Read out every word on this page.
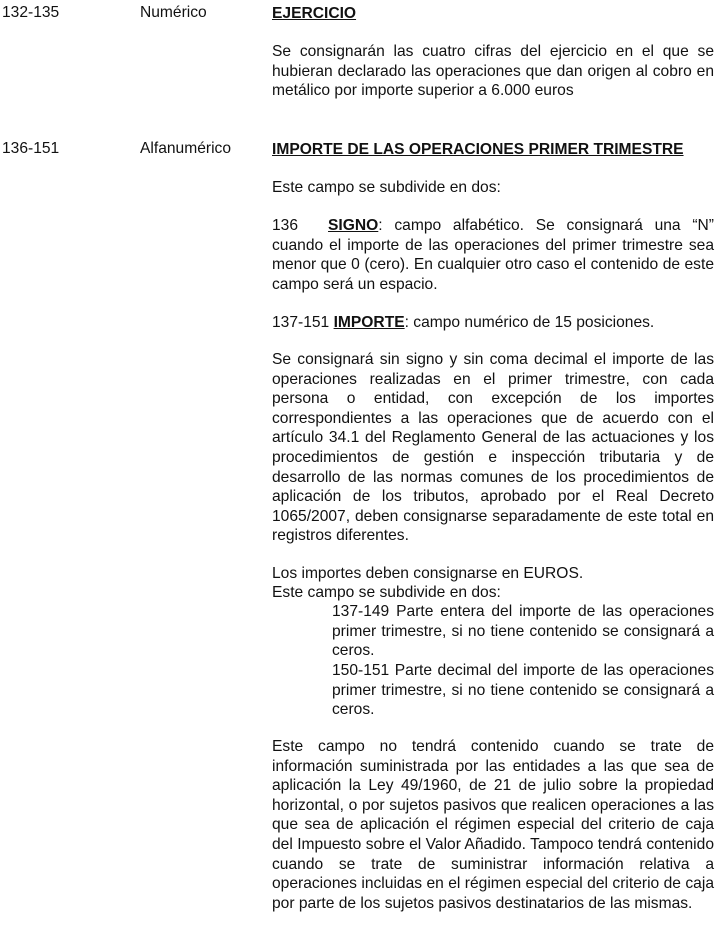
132-135	Numérico	EJERCICIO

Se consignarán las cuatro cifras del ejercicio en el que se hubieran declarado las operaciones que dan origen al cobro en metálico por importe superior a 6.000 euros

136-151	Alfanumérico	IMPORTE DE LAS OPERACIONES PRIMER TRIMESTRE

Este campo se subdivide en dos:

136 SIGNO: campo alfabético. Se consignará una “N” cuando el importe de las operaciones del primer trimestre sea menor que 0 (cero). En cualquier otro caso el contenido de este campo será un espacio.

137-151 IMPORTE: campo numérico de 15 posiciones.

Se consignará sin signo y sin coma decimal el importe de las operaciones realizadas en el primer trimestre, con cada persona o entidad, con excepción de los importes correspondientes a las operaciones que de acuerdo con el artículo 34.1 del Reglamento General de las actuaciones y los procedimientos de gestión e inspección tributaria y de desarrollo de las normas comunes de los procedimientos de aplicación de los tributos, aprobado por el Real Decreto 1065/2007, deben consignarse separadamente de este total en registros diferentes.

Los importes deben consignarse en EUROS.

Este campo se subdivide en dos:

137-149 Parte entera del importe de las operaciones primer trimestre, si no tiene contenido se consignará a ceros.

150-151 Parte decimal del importe de las operaciones primer trimestre, si no tiene contenido se consignará a ceros.

Este campo no tendrá contenido cuando se trate de información suministrada por las entidades a las que sea de aplicación la Ley 49/1960, de 21 de julio sobre la propiedad horizontal, o por sujetos pasivos que realicen operaciones a las que sea de aplicación el régimen especial del criterio de caja del Impuesto sobre el Valor Añadido. Tampoco tendrá contenido cuando se trate de suministrar información relativa a operaciones incluidas en el régimen especial del criterio de caja por parte de los sujetos pasivos destinatarios de las mismas.
